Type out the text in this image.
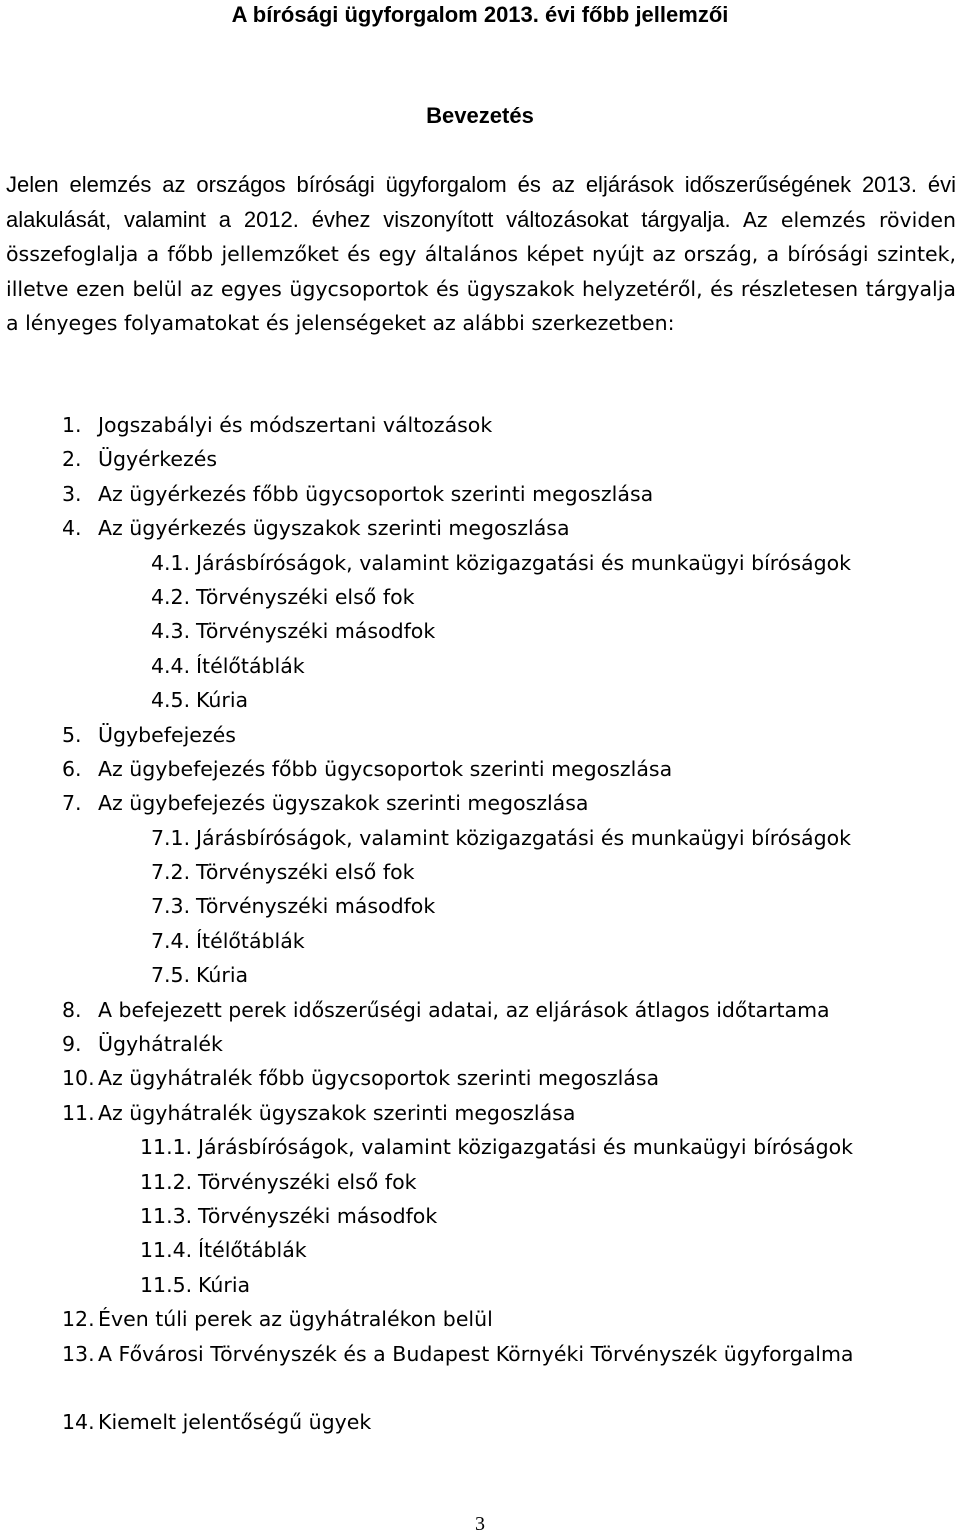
A bírósági ügyforgalom 2013. évi főbb jellemzői
Bevezetés
Jelen elemzés az országos bírósági ügyforgalom és az eljárások időszerűségének 2013. évi alakulását, valamint a 2012. évhez viszonyított változásokat tárgyalja. Az elemzés röviden összefoglalja a főbb jellemzőket és egy általános képet nyújt az ország, a bírósági szintek, illetve ezen belül az egyes ügycsoportok és ügyszakok helyzetéről, és részletesen tárgyalja a lényeges folyamatokat és jelenségeket az alábbi szerkezetben:
1. Jogszabályi és módszertani változások
2. Ügyérkezés
3. Az ügyérkezés főbb ügycsoportok szerinti megoszlása
4. Az ügyérkezés ügyszakok szerinti megoszlása
4.1. Járásbíróságok, valamint közigazgatási és munkaügyi bíróságok
4.2. Törvényszéki első fok
4.3. Törvényszéki másodfok
4.4. Ítélőtáblák
4.5. Kúria
5. Ügybefejezés
6. Az ügybefejezés főbb ügycsoportok szerinti megoszlása
7. Az ügybefejezés ügyszakok szerinti megoszlása
7.1. Járásbíróságok, valamint közigazgatási és munkaügyi bíróságok
7.2. Törvényszéki első fok
7.3. Törvényszéki másodfok
7.4. Ítélőtáblák
7.5. Kúria
8. A befejezett perek időszerűségi adatai, az eljárások átlagos időtartama
9. Ügyhátralék
10. Az ügyhátralék főbb ügycsoportok szerinti megoszlása
11. Az ügyhátralék ügyszakok szerinti megoszlása
11.1. Járásbíróságok, valamint közigazgatási és munkaügyi bíróságok
11.2. Törvényszéki első fok
11.3. Törvényszéki másodfok
11.4. Ítélőtáblák
11.5. Kúria
12. Éven túli perek az ügyhátralékon belül
13. A Fővárosi Törvényszék és a Budapest Környéki Törvényszék ügyforgalma
14. Kiemelt jelentőségű ügyek
3
